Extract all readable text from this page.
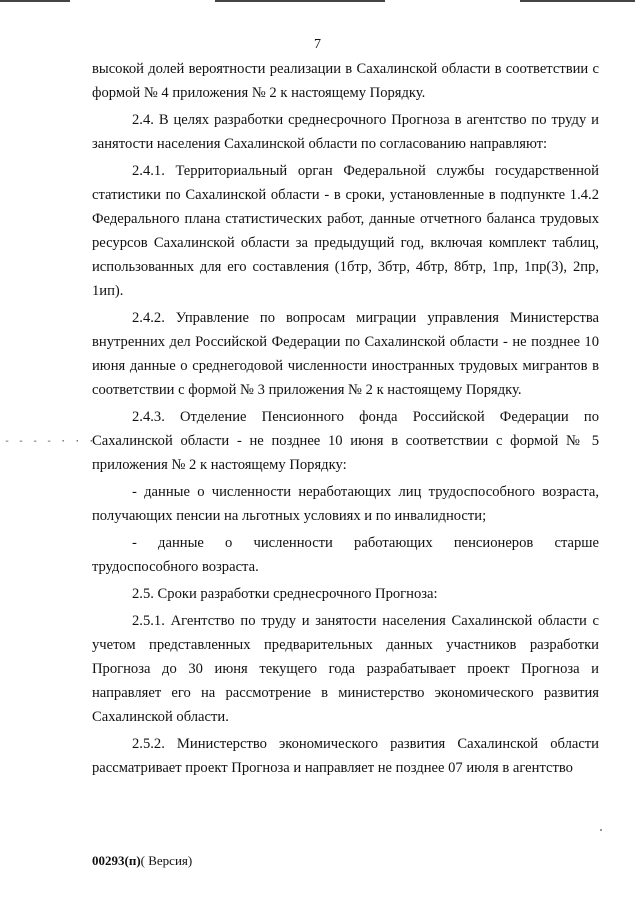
7

высокой долей вероятности реализации в Сахалинской области в соответствии с формой № 4 приложения № 2 к настоящему Порядку.

2.4. В целях разработки среднесрочного Прогноза в агентство по труду и занятости населения Сахалинской области по согласованию направляют:

2.4.1. Территориальный орган Федеральной службы государственной статистики по Сахалинской области - в сроки, установленные в подпункте 1.4.2 Федерального плана статистических работ, данные отчетного баланса трудовых ресурсов Сахалинской области за предыдущий год, включая комплект таблиц, использованных для его составления (1бтр, 3бтр, 4бтр, 8бтр, 1пр, 1пр(3), 2пр, 1ип).

2.4.2. Управление по вопросам миграции управления Министерства внутренних дел Российской Федерации по Сахалинской области - не позднее 10 июня данные о среднегодовой численности иностранных трудовых мигрантов в соответствии с формой № 3 приложения № 2 к настоящему Порядку.

2.4.3. Отделение Пенсионного фонда Российской Федерации по Сахалинской области - не позднее 10 июня в соответствии с формой № 5 приложения № 2 к настоящему Порядку:

- данные о численности неработающих лиц трудоспособного возраста, получающих пенсии на льготных условиях и по инвалидности;

- данные о численности работающих пенсионеров старше трудоспособного возраста.

2.5. Сроки разработки среднесрочного Прогноза:

2.5.1. Агентство по труду и занятости населения Сахалинской области с учетом представленных предварительных данных участников разработки Прогноза до 30 июня текущего года разрабатывает проект Прогноза и направляет его на рассмотрение в министерство экономического развития Сахалинской области.

2.5.2. Министерство экономического развития Сахалинской области рассматривает проект Прогноза и направляет не позднее 07 июля в агентство

- - - - · · · - ·
00293(п)( Версия)
